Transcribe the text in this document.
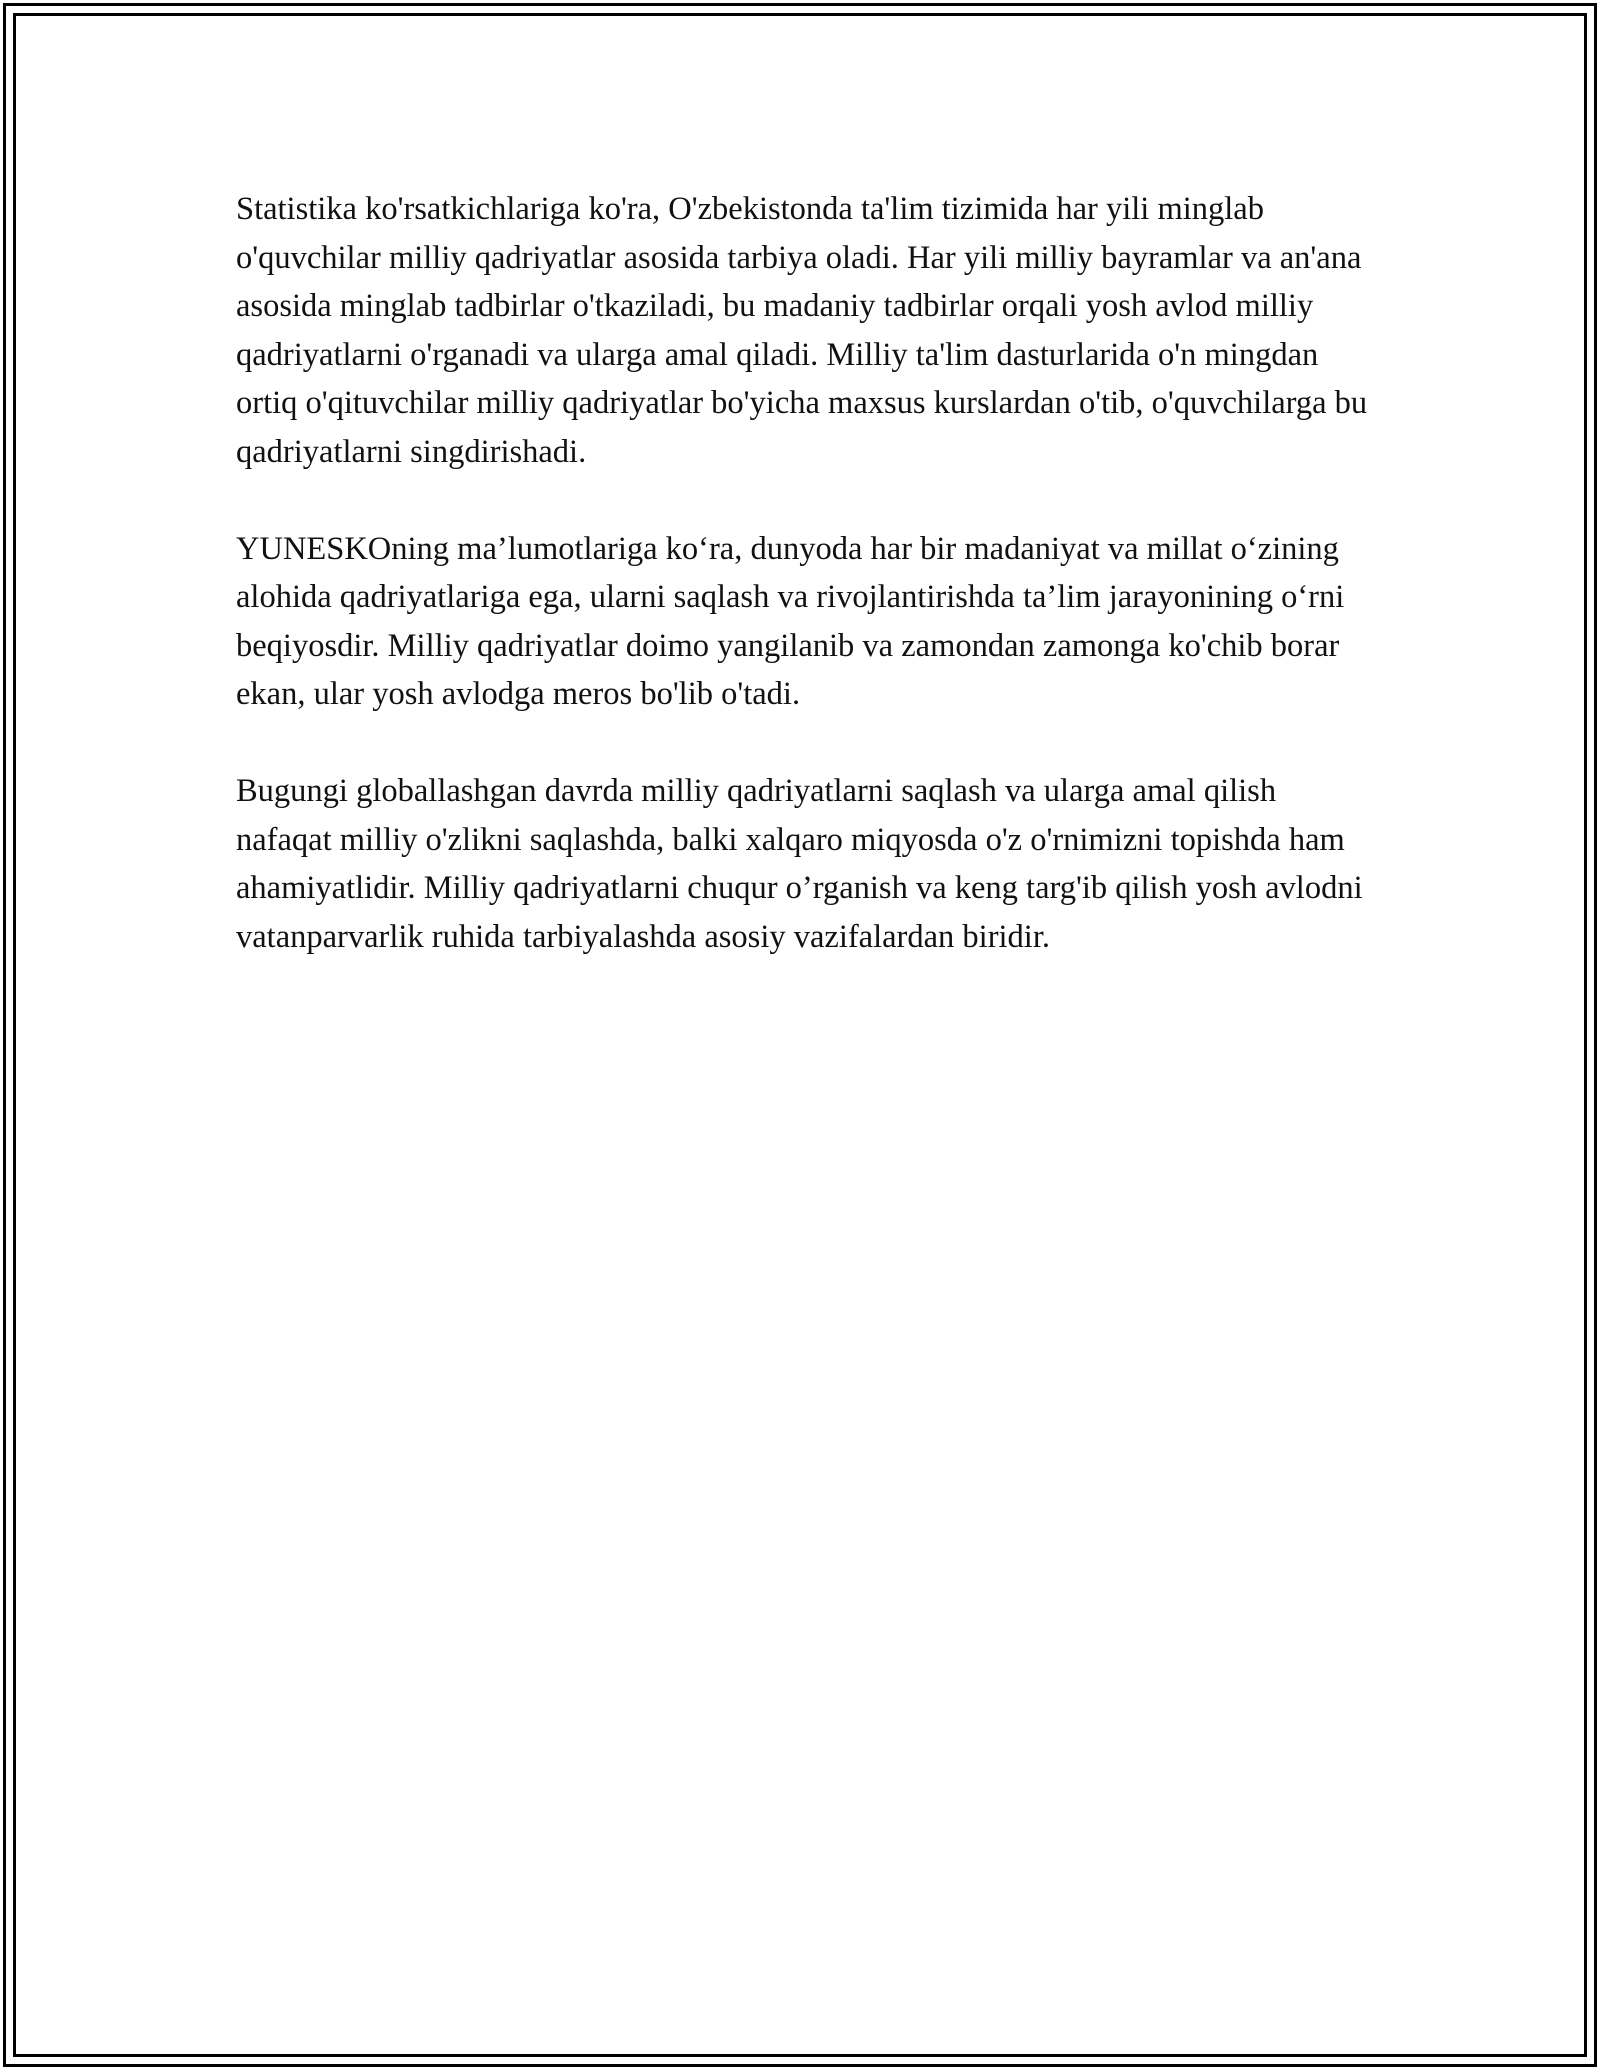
Statistika ko'rsatkichlariga ko'ra, O'zbekistonda ta'lim tizimida har yili minglab o'quvchilar milliy qadriyatlar asosida tarbiya oladi. Har yili milliy bayramlar va an'ana asosida minglab tadbirlar o'tkaziladi, bu madaniy tadbirlar orqali yosh avlod milliy qadriyatlarni o'rganadi va ularga amal qiladi. Milliy ta'lim dasturlarida o'n mingdan ortiq o'qituvchilar milliy qadriyatlar bo'yicha maxsus kurslardan o'tib, o'quvchilarga bu qadriyatlarni singdirishadi.

YUNESKOning ma’lumotlariga ko‘ra, dunyoda har bir madaniyat va millat o‘zining alohida qadriyatlariga ega, ularni saqlash va rivojlantirishda ta’lim jarayonining o‘rni beqiyosdir. Milliy qadriyatlar doimo yangilanib va zamondan zamonga ko'chib borar ekan, ular yosh avlodga meros bo'lib o'tadi.

Bugungi globallashgan davrda milliy qadriyatlarni saqlash va ularga amal qilish nafaqat milliy o'zlikni saqlashda, balki xalqaro miqyosda o'z o'rnimizni topishda ham ahamiyatlidir. Milliy qadriyatlarni chuqur o’rganish va keng targ'ib qilish yosh avlodni vatanparvarlik ruhida tarbiyalashda asosiy vazifalardan biridir.
